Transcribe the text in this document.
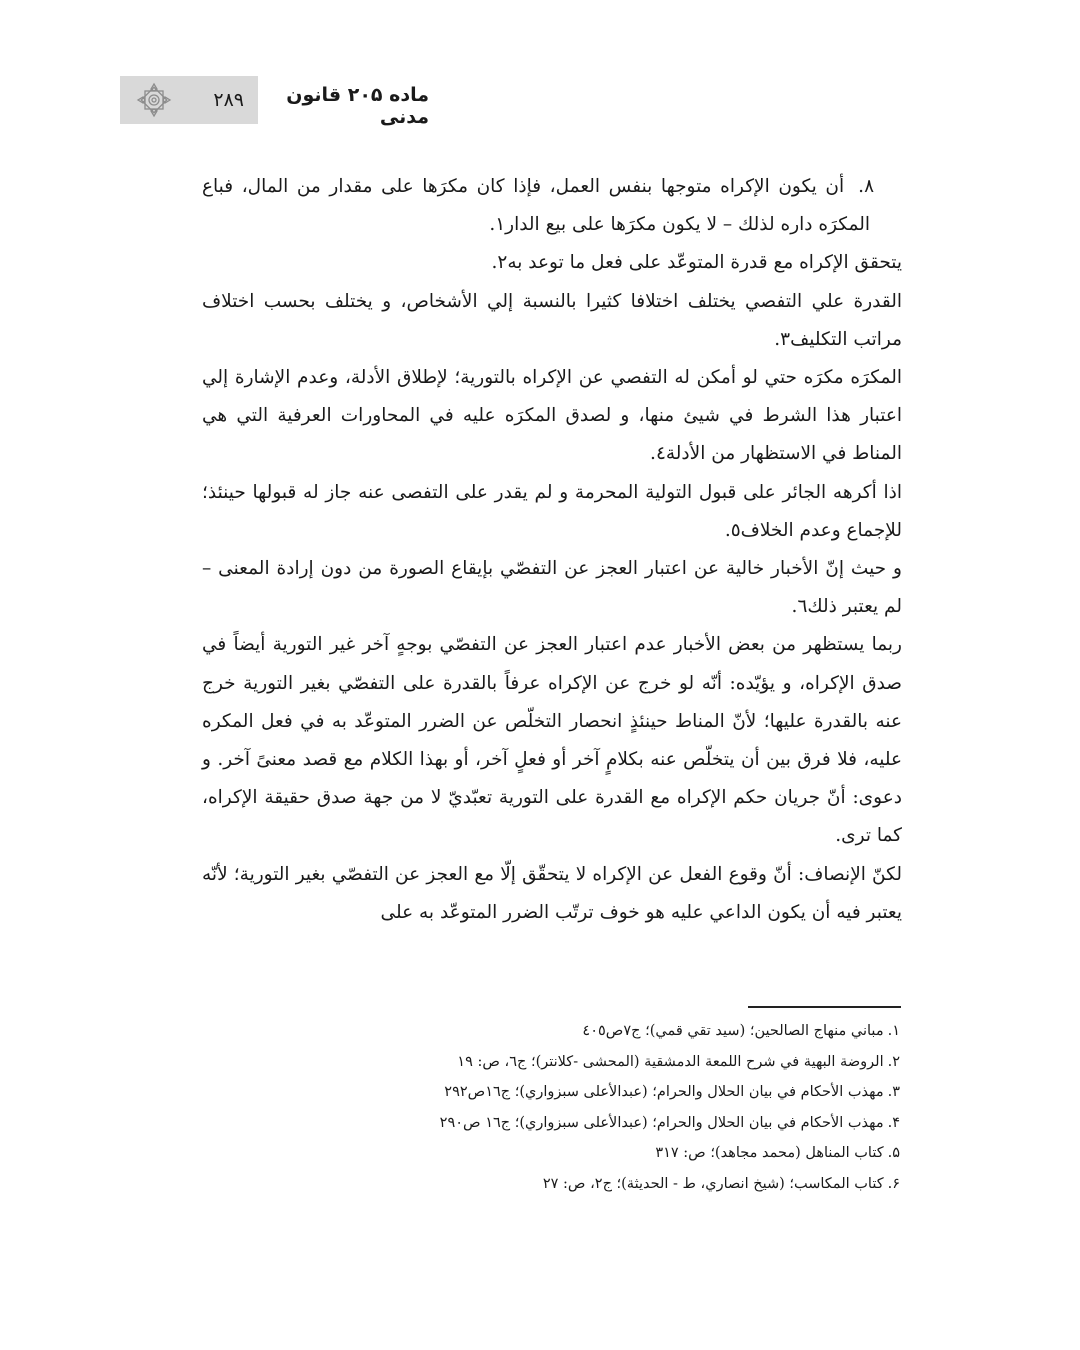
۲۸۹	ماده ۲۰۵ قانون مدنی

۸.أن يكون الإكراه متوجها بنفس العمل، فإذا كان مكرَها على مقدار من المال، فباع المكرَه داره لذلك – لا يكون مكرَها على بيع الدار١.

يتحقق الإكراه مع قدرة المتوعّد على فعل ما توعد به٢.

القدرة علي التفصي يختلف اختلافا كثيرا بالنسبة إلي الأشخاص، و يختلف بحسب اختلاف مراتب التكليف٣.

المكرَه مكرَه حتي لو أمكن له التفصي عن الإكراه بالتورية؛ لإطلاق الأدلة، وعدم الإشارة إلي اعتبار هذا الشرط في شيئ منها، و لصدق المكرَه عليه في المحاورات العرفية التي هي المناط في الاستظهار من الأدلة٤.

اذا أكرهه الجائر على قبول التولية المحرمة و لم يقدر على التفصى عنه جاز له قبولها حينئذ؛ للإجماع وعدم الخلاف٥.

و حيث إنّ الأخبار خالية عن اعتبار العجز عن التفصّي بإيقاع الصورة من دون إرادة المعنى – لم يعتبر ذلك٦.

ربما يستظهر من بعض الأخبار عدم اعتبار العجز عن التفصّي بوجهٍ آخر غير التورية أيضاً في صدق الإكراه، و يؤيّده: أنّه لو خرج عن الإكراه عرفاً بالقدرة على التفصّي بغير التورية خرج عنه بالقدرة عليها؛ لأنّ المناط حينئذٍ انحصار التخلّص عن الضرر المتوعّد به في فعل المكره عليه، فلا فرق بين أن يتخلّص عنه بكلامٍ آخر أو فعلٍ آخر، أو بهذا الكلام مع قصد معنىً آخر. و دعوى: أنّ جريان حكم الإكراه مع القدرة على التورية تعبّديّ لا من جهة صدق حقيقة الإكراه، كما ترى.

لكنّ الإنصاف: أنّ وقوع الفعل عن الإكراه لا يتحقّق إلّا مع العجز عن التفصّي بغير التورية؛ لأنّه يعتبر فيه أن يكون الداعي عليه هو خوف ترتّب الضرر المتوعّد به على

۱.مباني منهاج الصالحين؛ (سيد تقي قمي)؛ ج٧ص٤٠٥

۲.الروضة البهية في شرح اللمعة الدمشقية (المحشى -كلانتر)؛ ج٦، ص: ١٩

۳.مهذب الأحكام في بيان الحلال والحرام؛ (عبدالأعلى سبزواري)؛ ج١٦ص٢٩٢

۴.مهذب الأحكام في بيان الحلال والحرام؛ (عبدالأعلى سبزواري)؛ ج١٦ ص٢٩٠

۵.كتاب المناهل (محمد مجاهد)؛ ص: ٣١٧

۶.كتاب المكاسب؛ (شيخ انصاري، ط - الحديثة)؛ ج٢، ص: ٢٧
